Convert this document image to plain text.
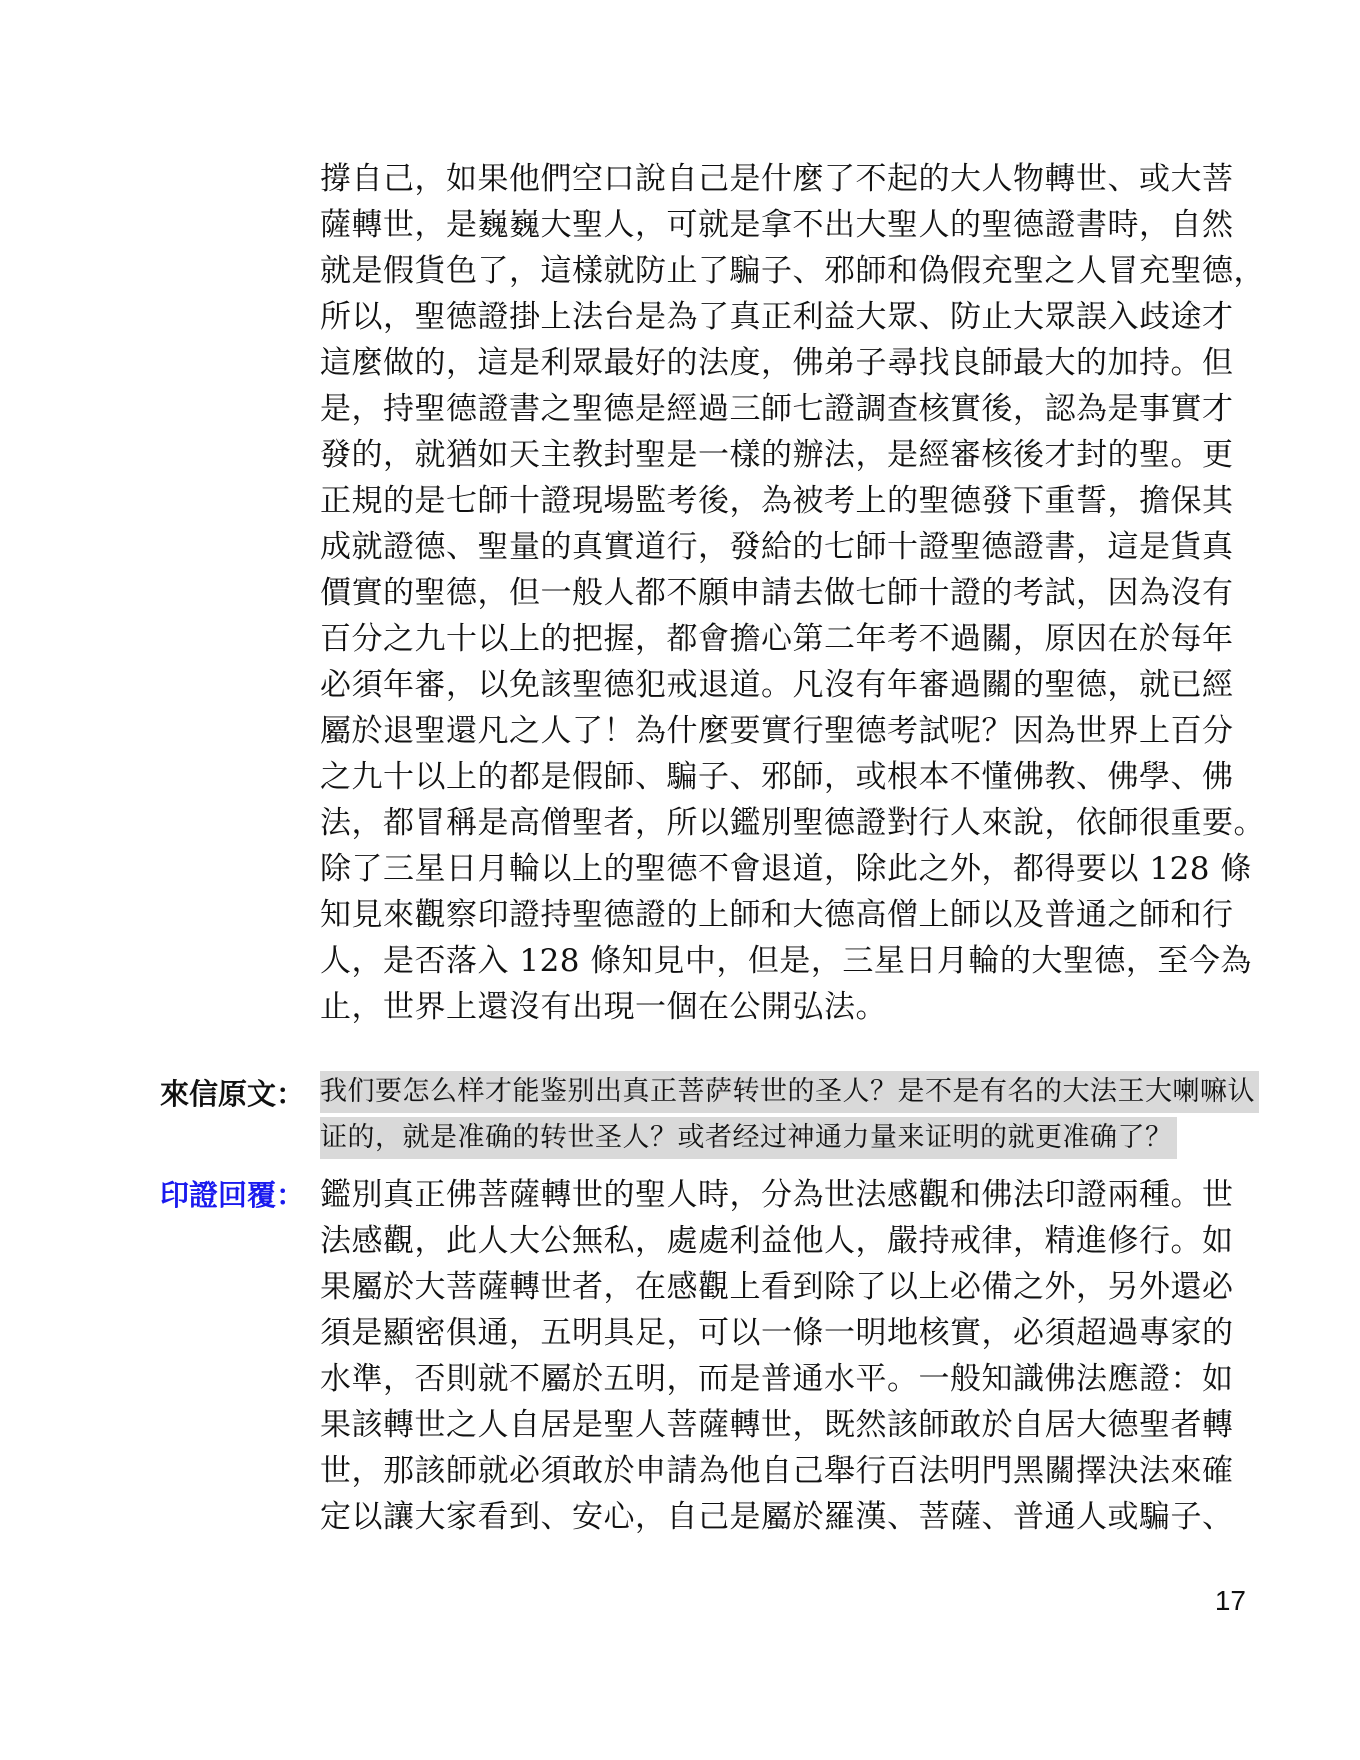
撐自己，如果他們空口說自己是什麼了不起的大人物轉世、或大菩
薩轉世，是巍巍大聖人，可就是拿不出大聖人的聖德證書時，自然
就是假貨色了，這樣就防止了騙子、邪師和偽假充聖之人冒充聖德，
所以，聖德證掛上法台是為了真正利益大眾、防止大眾誤入歧途才
這麼做的，這是利眾最好的法度，佛弟子尋找良師最大的加持。但
是，持聖德證書之聖德是經過三師七證調查核實後，認為是事實才
發的，就猶如天主教封聖是一樣的辦法，是經審核後才封的聖。更
正規的是七師十證現場監考後，為被考上的聖德發下重誓，擔保其
成就證德、聖量的真實道行，發給的七師十證聖德證書，這是貨真
價實的聖德，但一般人都不願申請去做七師十證的考試，因為沒有
百分之九十以上的把握，都會擔心第二年考不過關，原因在於每年
必須年審，以免該聖德犯戒退道。凡沒有年審過關的聖德，就已經
屬於退聖還凡之人了！為什麼要實行聖德考試呢？因為世界上百分
之九十以上的都是假師、騙子、邪師，或根本不懂佛教、佛學、佛
法，都冒稱是高僧聖者，所以鑑別聖德證對行人來說，依師很重要。
除了三星日月輪以上的聖德不會退道，除此之外，都得要以 128 條
知見來觀察印證持聖德證的上師和大德高僧上師以及普通之師和行
人，是否落入 128 條知見中，但是，三星日月輪的大聖德，至今為
止，世界上還沒有出現一個在公開弘法。
來信原文： 我们要怎么样才能鉴别出真正菩萨转世的圣人？是不是有名的大法王大喇嘛认
证的，就是准确的转世圣人？或者经过神通力量来证明的就更准确了？
印證回覆： 鑑別真正佛菩薩轉世的聖人時，分為世法感觀和佛法印證兩種。世
法感觀，此人大公無私，處處利益他人，嚴持戒律，精進修行。如
果屬於大菩薩轉世者，在感觀上看到除了以上必備之外，另外還必
須是顯密俱通，五明具足，可以一條一明地核實，必須超過專家的
水準，否則就不屬於五明，而是普通水平。一般知識佛法應證：如
果該轉世之人自居是聖人菩薩轉世，既然該師敢於自居大德聖者轉
世，那該師就必須敢於申請為他自己舉行百法明門黑關擇決法來確
定以讓大家看到、安心，自己是屬於羅漢、菩薩、普通人或騙子、
17
